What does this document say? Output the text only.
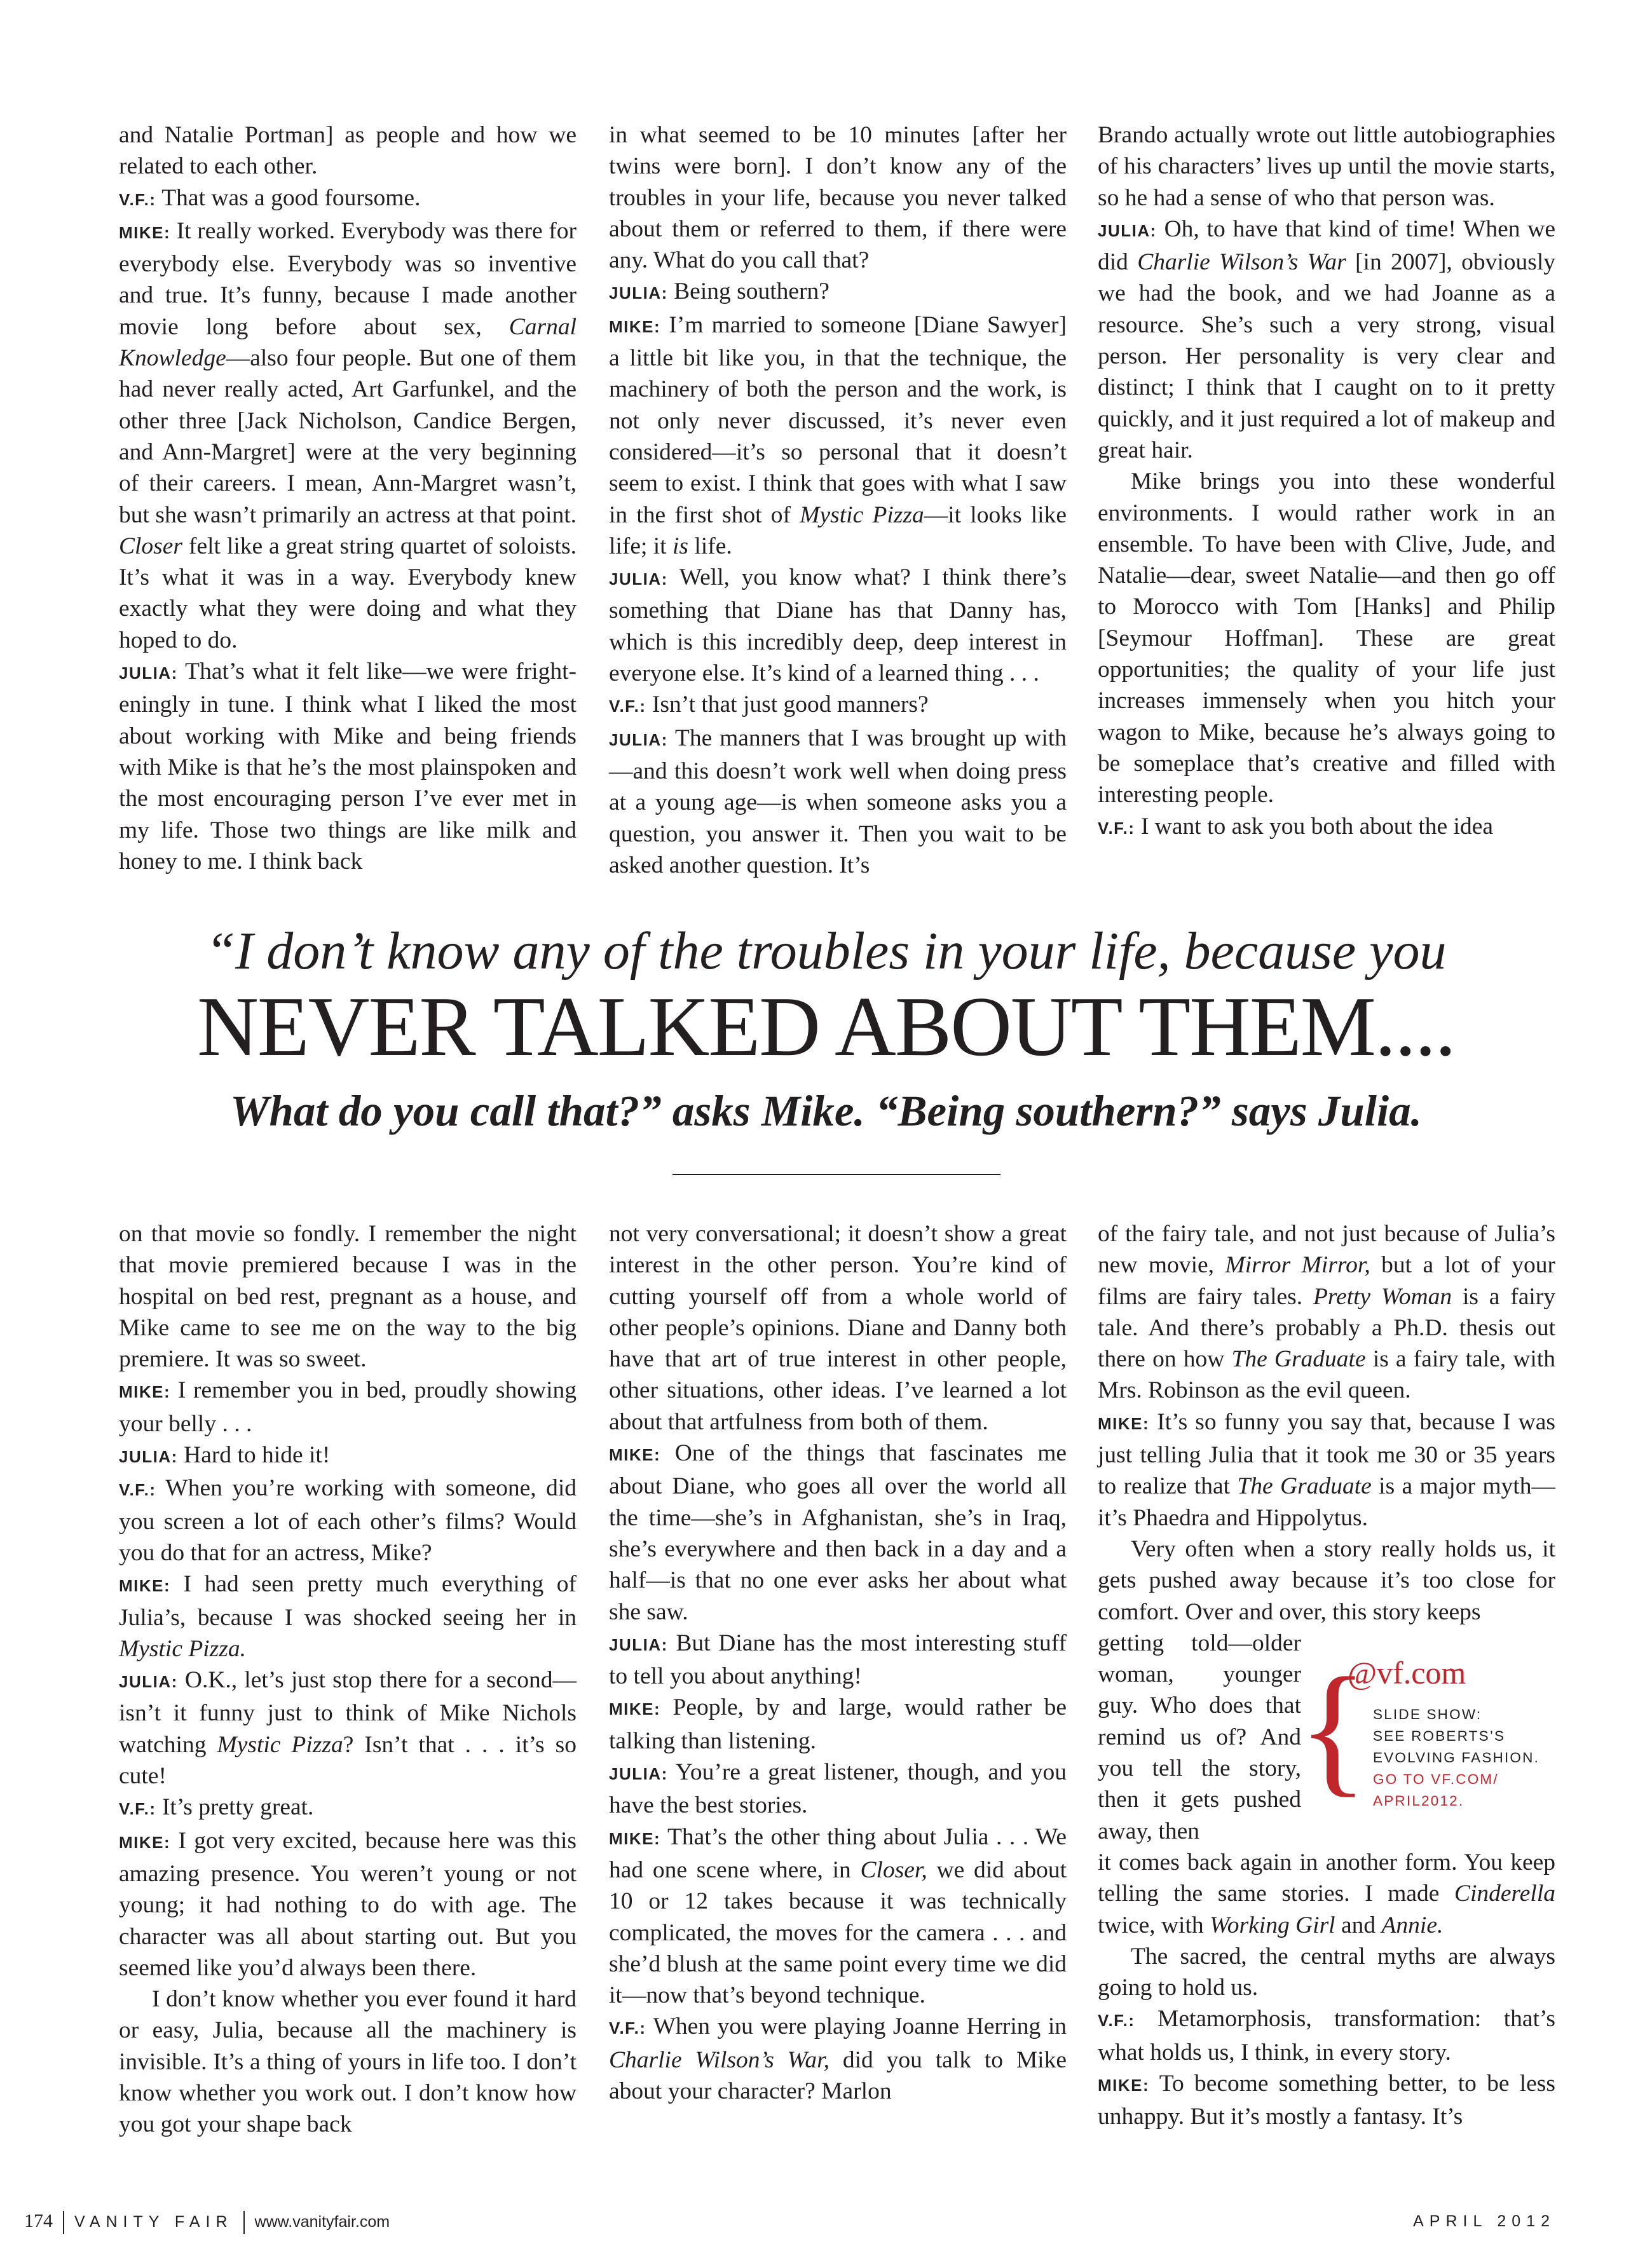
and Natalie Portman] as people and how we related to each other.

V.F.: That was a good foursome.

MIKE: It really worked. Everybody was there for everybody else. Everybody was so inventive and true. It’s funny, because I made another movie long before about sex, Carnal Knowledge—also four people. But one of them had never really acted, Art Garfunkel, and the other three [Jack Nicholson, Candice Bergen, and Ann-Margret] were at the very beginning of their careers. I mean, Ann-Margret wasn’t, but she wasn’t primarily an actress at that point. Closer felt like a great string quartet of soloists. It’s what it was in a way. Everybody knew exactly what they were doing and what they hoped to do.

JULIA: That’s what it felt like—we were frighteningly in tune. I think what I liked the most about working with Mike and being friends with Mike is that he’s the most plainspoken and the most encouraging person I’ve ever met in my life. Those two things are like milk and honey to me. I think back

in what seemed to be 10 minutes [after her twins were born]. I don’t know any of the troubles in your life, because you never talked about them or referred to them, if there were any. What do you call that?

JULIA: Being southern?

MIKE: I’m married to someone [Diane Sawyer] a little bit like you, in that the technique, the machinery of both the person and the work, is not only never discussed, it’s never even considered—it’s so personal that it doesn’t seem to exist. I think that goes with what I saw in the first shot of Mystic Pizza—it looks like life; it is life.

JULIA: Well, you know what? I think there’s something that Diane has that Danny has, which is this incredibly deep, deep interest in everyone else. It’s kind of a learned thing . . .

V.F.: Isn’t that just good manners?

JULIA: The manners that I was brought up with—and this doesn’t work well when doing press at a young age—is when someone asks you a question, you answer it. Then you wait to be asked another question. It’s

Brando actually wrote out little autobiographies of his characters’ lives up until the movie starts, so he had a sense of who that person was.

JULIA: Oh, to have that kind of time! When we did Charlie Wilson’s War [in 2007], obviously we had the book, and we had Joanne as a resource. She’s such a very strong, visual person. Her personality is very clear and distinct; I think that I caught on to it pretty quickly, and it just required a lot of makeup and great hair.

Mike brings you into these wonderful environments. I would rather work in an ensemble. To have been with Clive, Jude, and Natalie—dear, sweet Natalie—and then go off to Morocco with Tom [Hanks] and Philip [Seymour Hoffman]. These are great opportunities; the quality of your life just increases immensely when you hitch your wagon to Mike, because he’s always going to be someplace that’s creative and filled with interesting people.

V.F.: I want to ask you both about the idea

“I don’t know any of the troubles in your life, because you
NEVER TALKED ABOUT THEM....
What do you call that?” asks Mike. “Being southern?” says Julia.

on that movie so fondly. I remember the night that movie premiered because I was in the hospital on bed rest, pregnant as a house, and Mike came to see me on the way to the big premiere. It was so sweet.

MIKE: I remember you in bed, proudly showing your belly . . .

JULIA: Hard to hide it!

V.F.: When you’re working with someone, did you screen a lot of each other’s films? Would you do that for an actress, Mike?

MIKE: I had seen pretty much everything of Julia’s, because I was shocked seeing her in Mystic Pizza.

JULIA: O.K., let’s just stop there for a second—isn’t it funny just to think of Mike Nichols watching Mystic Pizza? Isn’t that . . . it’s so cute!

V.F.: It’s pretty great.

MIKE: I got very excited, because here was this amazing presence. You weren’t young or not young; it had nothing to do with age. The character was all about starting out. But you seemed like you’d always been there.

I don’t know whether you ever found it hard or easy, Julia, because all the machinery is invisible. It’s a thing of yours in life too. I don’t know whether you work out. I don’t know how you got your shape back

not very conversational; it doesn’t show a great interest in the other person. You’re kind of cutting yourself off from a whole world of other people’s opinions. Diane and Danny both have that art of true interest in other people, other situations, other ideas. I’ve learned a lot about that artfulness from both of them.

MIKE: One of the things that fascinates me about Diane, who goes all over the world all the time—she’s in Afghanistan, she’s in Iraq, she’s everywhere and then back in a day and a half—is that no one ever asks her about what she saw.

JULIA: But Diane has the most interesting stuff to tell you about anything!

MIKE: People, by and large, would rather be talking than listening.

JULIA: You’re a great listener, though, and you have the best stories.

MIKE: That’s the other thing about Julia . . . We had one scene where, in Closer, we did about 10 or 12 takes because it was technically complicated, the moves for the camera . . . and she’d blush at the same point every time we did it—now that’s beyond technique.

V.F.: When you were playing Joanne Herring in Charlie Wilson’s War, did you talk to Mike about your character? Marlon

of the fairy tale, and not just because of Julia’s new movie, Mirror Mirror, but a lot of your films are fairy tales. Pretty Woman is a fairy tale. And there’s probably a Ph.D. thesis out there on how The Graduate is a fairy tale, with Mrs. Robinson as the evil queen.

MIKE: It’s so funny you say that, because I was just telling Julia that it took me 30 or 35 years to realize that The Graduate is a major myth—it’s Phaedra and Hippolytus.

Very often when a story really holds us, it gets pushed away because it’s too close for comfort. Over and over, this story keeps

getting told—older woman, younger guy. Who does that remind us of? And you tell the story, then it gets pushed away, then

it comes back again in another form. You keep telling the same stories. I made Cinderella twice, with Working Girl and Annie.

The sacred, the central myths are always going to hold us.

V.F.: Metamorphosis, transformation: that’s what holds us, I think, in every story.

MIKE: To become something better, to be less unhappy. But it’s mostly a fantasy. It’s

{
@vf.com
SLIDE SHOW:
SEE ROBERTS’S
EVOLVING FASHION.
GO TO VF.COM/
APRIL2012.
174 VANITY FAIR www.vanityfair.com	APRIL 2012
